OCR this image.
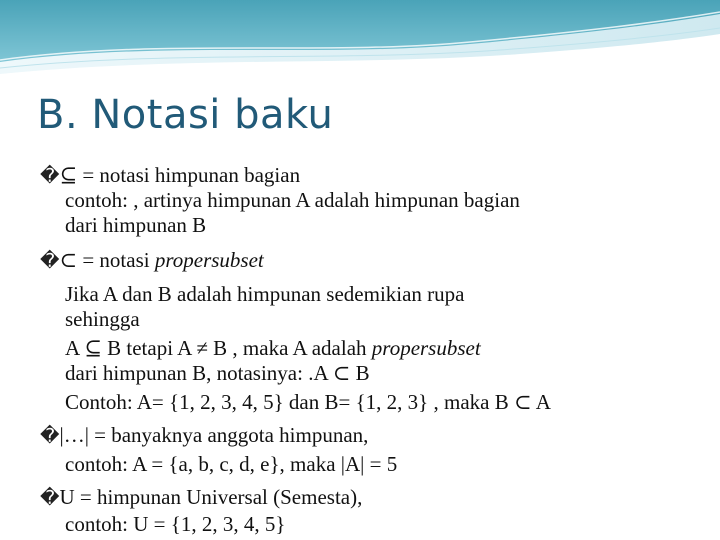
B. Notasi baku
�⊆ = notasi himpunan bagian
contoh: , artinya himpunan A adalah himpunan bagian
dari himpunan B
�⊂ = notasi propersubset
Jika A dan B adalah himpunan sedemikian rupa
sehingga
A ⊆ B tetapi A ≠ B , maka A adalah propersubset
dari himpunan B, notasinya: .A ⊂ B
Contoh: A= {1, 2, 3, 4, 5} dan B= {1, 2, 3} , maka B ⊂ A
�|…| = banyaknya anggota himpunan,
contoh: A = {a, b, c, d, e}, maka |A| = 5
�U = himpunan Universal (Semesta),
contoh: U = {1, 2, 3, 4, 5}
